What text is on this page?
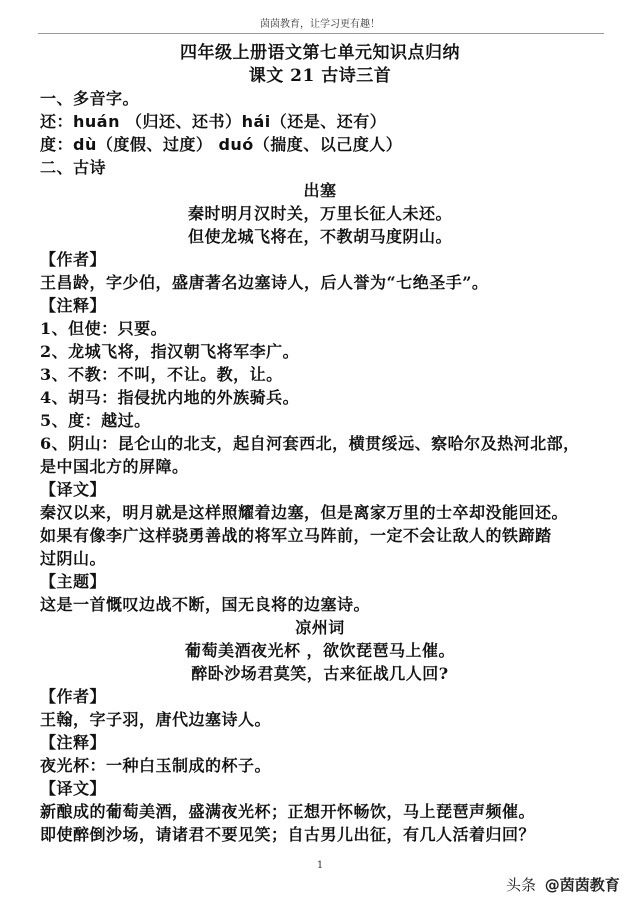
茵茵教育，让学习更有趣！
四年级上册语文第七单元知识点归纳
课文 21 古诗三首
一、多音字。
还：huán （归还、还书）hái（还是、还有）
度：dù（度假、过度） duó（揣度、以己度人）
二、古诗
出塞
秦时明月汉时关，万里长征人未还。
但使龙城飞将在，不教胡马度阴山。
【作者】
王昌龄，字少伯，盛唐著名边塞诗人，后人誉为“七绝圣手”。
【注释】
1、但使：只要。
2、龙城飞将，指汉朝飞将军李广。
3、不教：不叫，不让。教，让。
4、胡马：指侵扰内地的外族骑兵。
5、度：越过。
6、阴山：昆仑山的北支，起自河套西北，横贯绥远、察哈尔及热河北部，
是中国北方的屏障。
【译文】
秦汉以来，明月就是这样照耀着边塞，但是离家万里的士卒却没能回还。
如果有像李广这样骁勇善战的将军立马阵前，一定不会让敌人的铁蹄踏
过阴山。
【主题】
这是一首慨叹边战不断，国无良将的边塞诗。
凉州词
葡萄美酒夜光杯 ，欲饮琵琶马上催。
醉卧沙场君莫笑，古来征战几人回?
【作者】
王翰，字子羽，唐代边塞诗人。
【注释】
夜光杯：一种白玉制成的杯子。
【译文】
新酿成的葡萄美酒，盛满夜光杯；正想开怀畅饮，马上琵琶声频催。
即使醉倒沙场，请诸君不要见笑；自古男儿出征，有几人活着归回？
1
头条 @茵茵教育
